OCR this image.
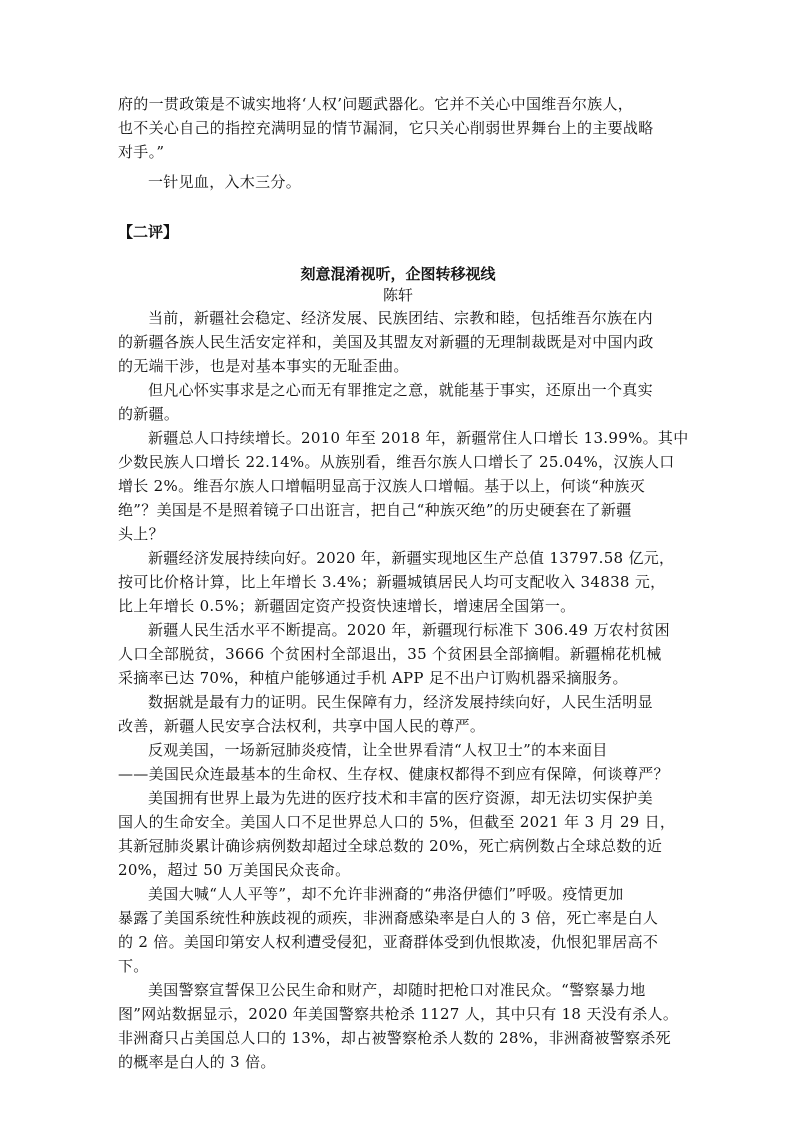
府的一贯政策是不诚实地将‘人权’问题武器化。它并不关心中国维吾尔族人，
也不关心自己的指控充满明显的情节漏洞，它只关心削弱世界舞台上的主要战略
对手。”
一针见血，入木三分。
【二评】
刻意混淆视听，企图转移视线
陈轩
当前，新疆社会稳定、经济发展、民族团结、宗教和睦，包括维吾尔族在内
的新疆各族人民生活安定祥和，美国及其盟友对新疆的无理制裁既是对中国内政
的无端干涉，也是对基本事实的无耻歪曲。
但凡心怀实事求是之心而无有罪推定之意，就能基于事实，还原出一个真实
的新疆。
新疆总人口持续增长。2010 年至 2018 年，新疆常住人口增长 13.99%。其中
少数民族人口增长 22.14%。从族别看，维吾尔族人口增长了 25.04%，汉族人口
增长 2%。维吾尔族人口增幅明显高于汉族人口增幅。基于以上，何谈“种族灭
绝”？美国是不是照着镜子口出诳言，把自己“种族灭绝”的历史硬套在了新疆
头上？
新疆经济发展持续向好。2020 年，新疆实现地区生产总值 13797.58 亿元，
按可比价格计算，比上年增长 3.4%；新疆城镇居民人均可支配收入 34838 元，
比上年增长 0.5%；新疆固定资产投资快速增长，增速居全国第一。
新疆人民生活水平不断提高。2020 年，新疆现行标准下 306.49 万农村贫困
人口全部脱贫，3666 个贫困村全部退出，35 个贫困县全部摘帽。新疆棉花机械
采摘率已达 70%，种植户能够通过手机 APP 足不出户订购机器采摘服务。
数据就是最有力的证明。民生保障有力，经济发展持续向好，人民生活明显
改善，新疆人民安享合法权利，共享中国人民的尊严。
反观美国，一场新冠肺炎疫情，让全世界看清“人权卫士”的本来面目
——美国民众连最基本的生命权、生存权、健康权都得不到应有保障，何谈尊严？
美国拥有世界上最为先进的医疗技术和丰富的医疗资源，却无法切实保护美
国人的生命安全。美国人口不足世界总人口的 5%，但截至 2021 年 3 月 29 日，
其新冠肺炎累计确诊病例数却超过全球总数的 20%，死亡病例数占全球总数的近
20%，超过 50 万美国民众丧命。
美国大喊“人人平等”，却不允许非洲裔的“弗洛伊德们”呼吸。疫情更加
暴露了美国系统性种族歧视的顽疾，非洲裔感染率是白人的 3 倍，死亡率是白人
的 2 倍。美国印第安人权利遭受侵犯，亚裔群体受到仇恨欺凌，仇恨犯罪居高不
下。
美国警察宣誓保卫公民生命和财产，却随时把枪口对准民众。“警察暴力地
图”网站数据显示，2020 年美国警察共枪杀 1127 人，其中只有 18 天没有杀人。
非洲裔只占美国总人口的 13%，却占被警察枪杀人数的 28%，非洲裔被警察杀死
的概率是白人的 3 倍。
